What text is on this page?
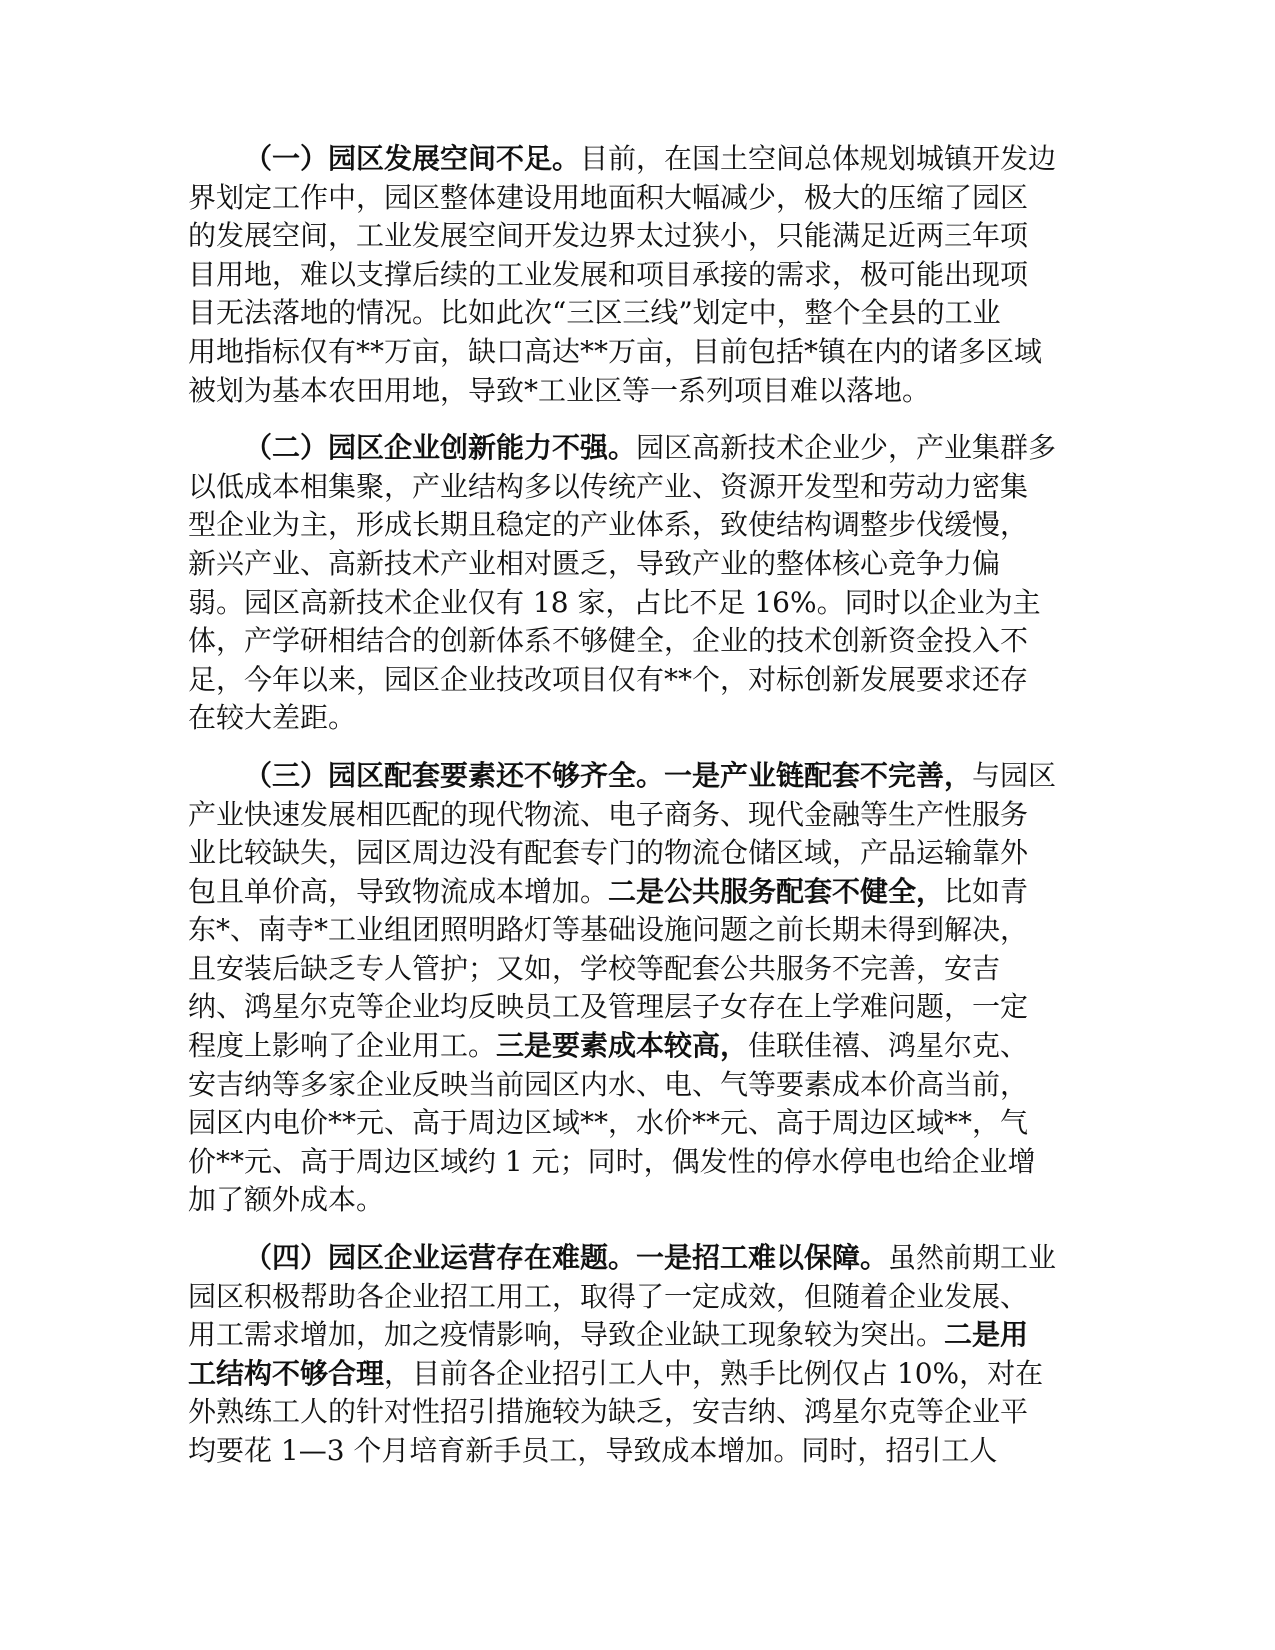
（一）园区发展空间不足。目前，在国土空间总体规划城镇开发边
界划定工作中，园区整体建设用地面积大幅减少，极大的压缩了园区
的发展空间，工业发展空间开发边界太过狭小，只能满足近两三年项
目用地，难以支撑后续的工业发展和项目承接的需求，极可能出现项
目无法落地的情况。比如此次“三区三线”划定中，整个全县的工业
用地指标仅有**万亩，缺口高达**万亩，目前包括*镇在内的诸多区域
被划为基本农田用地，导致*工业区等一系列项目难以落地。
（二）园区企业创新能力不强。园区高新技术企业少，产业集群多
以低成本相集聚，产业结构多以传统产业、资源开发型和劳动力密集
型企业为主，形成长期且稳定的产业体系，致使结构调整步伐缓慢，
新兴产业、高新技术产业相对匮乏，导致产业的整体核心竞争力偏
弱。园区高新技术企业仅有 18 家，占比不足 16%。同时以企业为主
体，产学研相结合的创新体系不够健全，企业的技术创新资金投入不
足，今年以来，园区企业技改项目仅有**个，对标创新发展要求还存
在较大差距。
（三）园区配套要素还不够齐全。一是产业链配套不完善，与园区
产业快速发展相匹配的现代物流、电子商务、现代金融等生产性服务
业比较缺失，园区周边没有配套专门的物流仓储区域，产品运输靠外
包且单价高，导致物流成本增加。二是公共服务配套不健全，比如青
东*、南寺*工业组团照明路灯等基础设施问题之前长期未得到解决，
且安装后缺乏专人管护；又如，学校等配套公共服务不完善，安吉
纳、鸿星尔克等企业均反映员工及管理层子女存在上学难问题，一定
程度上影响了企业用工。三是要素成本较高，佳联佳禧、鸿星尔克、
安吉纳等多家企业反映当前园区内水、电、气等要素成本价高当前，
园区内电价**元、高于周边区域**，水价**元、高于周边区域**，气
价**元、高于周边区域约 1 元；同时，偶发性的停水停电也给企业增
加了额外成本。
（四）园区企业运营存在难题。一是招工难以保障。虽然前期工业
园区积极帮助各企业招工用工，取得了一定成效，但随着企业发展、
用工需求增加，加之疫情影响，导致企业缺工现象较为突出。二是用
工结构不够合理，目前各企业招引工人中，熟手比例仅占 10%，对在
外熟练工人的针对性招引措施较为缺乏，安吉纳、鸿星尔克等企业平
均要花 1—3 个月培育新手员工，导致成本增加。同时，招引工人
